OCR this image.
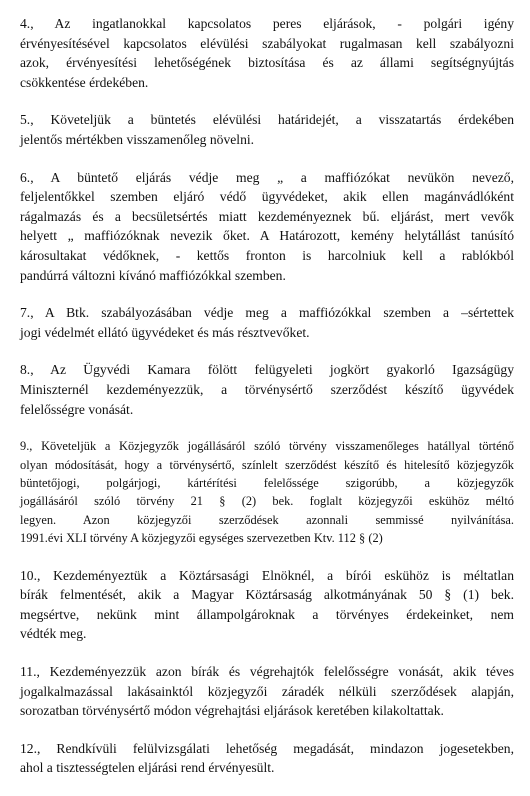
4., Az ingatlanokkal kapcsolatos peres eljárások, - polgári igény
érvényesítésével kapcsolatos elévülési szabályokat rugalmasan kell szabályozni
azok, érvényesítési lehetőségének biztosítása és az állami segítségnyújtás
csökkentése érdekében.
5., Követeljük a büntetés elévülési határidejét, a visszatartás érdekében
jelentős mértékben visszamenőleg növelni.
6., A büntető eljárás védje meg „ a maffiózókat nevükön nevező,
feljelentőkkel szemben eljáró védő ügyvédeket, akik ellen magánvádlóként
rágalmazás és a becsületsértés miatt kezdeményeznek bű. eljárást, mert vevők
helyett „ maffiózóknak nevezik őket. A Határozott, kemény helytállást tanúsító
károsultakat védőknek, - kettős fronton is harcolniuk kell a rablókból
pandúrrá változni kívánó maffiózókkal szemben.
7., A Btk. szabályozásában védje meg a maffiózókkal szemben a –sértettek
jogi védelmét ellátó ügyvédeket és más résztvevőket.
8., Az Ügyvédi Kamara fölött felügyeleti jogkört gyakorló Igazságügy
Miniszternél kezdeményezzük, a törvénysértő szerződést készítő ügyvédek
felelősségre vonását.
9., Követeljük a Közjegyzők jogállásáról szóló törvény visszamenőleges hatállyal történő
olyan módosítását, hogy a törvénysértő, színlelt szerződést készítő és hitelesítő közjegyzők
büntetőjogi, polgárjogi, kártérítési felelőssége szigorúbb, a közjegyzők
jogállásáról szóló törvény 21 § (2) bek. foglalt közjegyzői eskühöz méltó
legyen. Azon közjegyzői szerződések azonnali semmissé nyilvánítása.
1991.évi XLI törvény A közjegyzői egységes szervezetben Ktv. 112 § (2)
10., Kezdeményeztük a Köztársasági Elnöknél, a bírói eskühöz is méltatlan
bírák felmentését, akik a Magyar Köztársaság alkotmányának 50 § (1) bek.
megsértve, nekünk mint állampolgároknak a törvényes érdekeinket, nem
védték meg.
11., Kezdeményezzük azon bírák és végrehajtók felelősségre vonását, akik téves
jogalkalmazással lakásainktól közjegyzői záradék nélküli szerződések alapján,
sorozatban törvénysértő módon végrehajtási eljárások keretében kilakoltattak.
12., Rendkívüli felülvizsgálati lehetőség megadását, mindazon jogesetekben,
ahol a tisztességtelen eljárási rend érvényesült.
